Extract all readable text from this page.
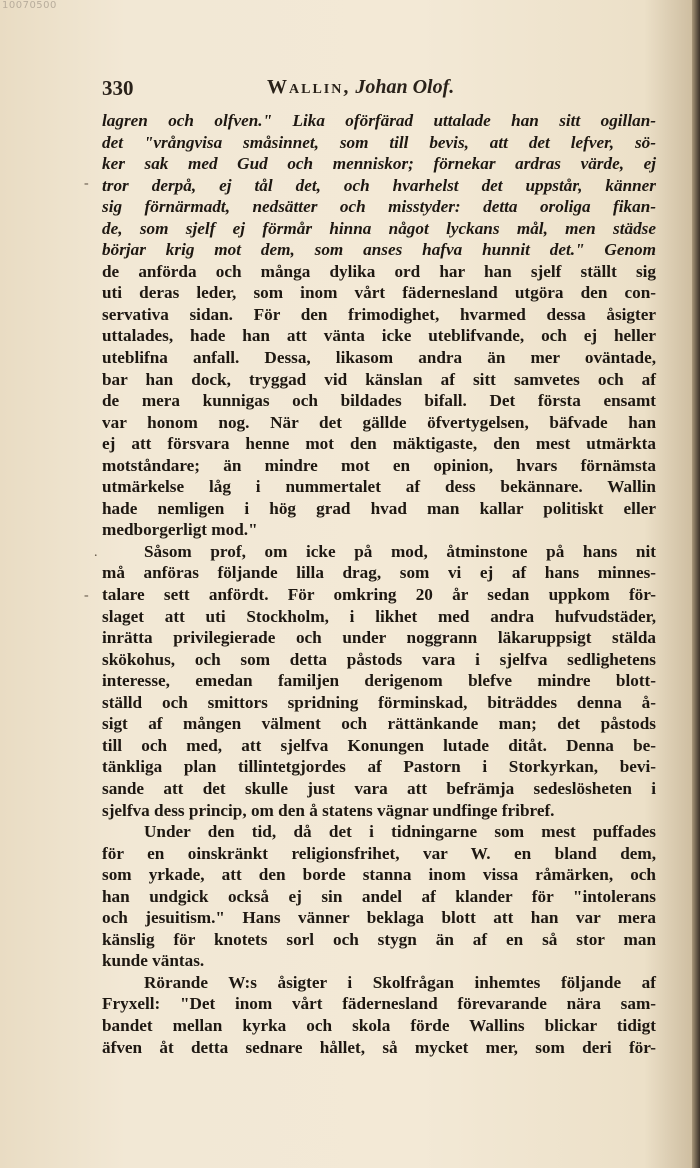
10070500
330	Wallin, Johan Olof.
lagren och olfven." Lika oförfärad uttalade han sitt ogillan-
det "vrångvisa småsinnet, som till bevis, att det lefver, sö-
ker sak med Gud och menniskor; förnekar ardras värde, ej
tror derpå, ej tål det, och hvarhelst det uppstår, känner
sig förnärmadt, nedsätter och misstyder: detta oroliga fikan-
de, som sjelf ej förmår hinna något lyckans mål, men städse
börjar krig mot dem, som anses hafva hunnit det." Genom
de anförda och många dylika ord har han sjelf ställt sig
uti deras leder, som inom vårt fädernesland utgöra den con-
servativa sidan. För den frimodighet, hvarmed dessa åsigter
uttalades, hade han att vänta icke uteblifvande, och ej heller
uteblifna anfall. Dessa, likasom andra än mer oväntade,
bar han dock, tryggad vid känslan af sitt samvetes och af
de mera kunnigas och bildades bifall. Det första ensamt
var honom nog. När det gällde öfvertygelsen, bäfvade han
ej att försvara henne mot den mäktigaste, den mest utmärkta
motståndare; än mindre mot en opinion, hvars förnämsta
utmärkelse låg i nummertalet af dess bekännare. Wallin
hade nemligen i hög grad hvad man kallar politiskt eller
medborgerligt mod."
Såsom prof, om icke på mod, åtminstone på hans nit
må anföras följande lilla drag, som vi ej af hans minnes-
talare sett anfördt. För omkring 20 år sedan uppkom för-
slaget att uti Stockholm, i likhet med andra hufvudstäder,
inrätta privilegierade och under noggrann läkaruppsigt stälda
skökohus, och som detta påstods vara i sjelfva sedlighetens
interesse, emedan familjen derigenom blefve mindre blott-
ställd och smittors spridning förminskad, biträddes denna å-
sigt af mången välment och rättänkande man; det påstods
till och med, att sjelfva Konungen lutade ditåt. Denna be-
tänkliga plan tillintetgjordes af Pastorn i Storkyrkan, bevi-
sande att det skulle just vara att befrämja sedeslösheten i
sjelfva dess princip, om den å statens vägnar undfinge fribref.
Under den tid, då det i tidningarne som mest puffades
för en oinskränkt religionsfrihet, var W. en bland dem,
som yrkade, att den borde stanna inom vissa råmärken, och
han undgick också ej sin andel af klander för "intolerans
och jesuitism." Hans vänner beklaga blott att han var mera
känslig för knotets sorl och stygn än af en så stor man
kunde väntas.
Rörande W:s åsigter i Skolfrågan inhemtes följande af
Fryxell: "Det inom vårt fädernesland förevarande nära sam-
bandet mellan kyrka och skola förde Wallins blickar tidigt
äfven åt detta sednare hållet, så mycket mer, som deri för-
-
.
-
